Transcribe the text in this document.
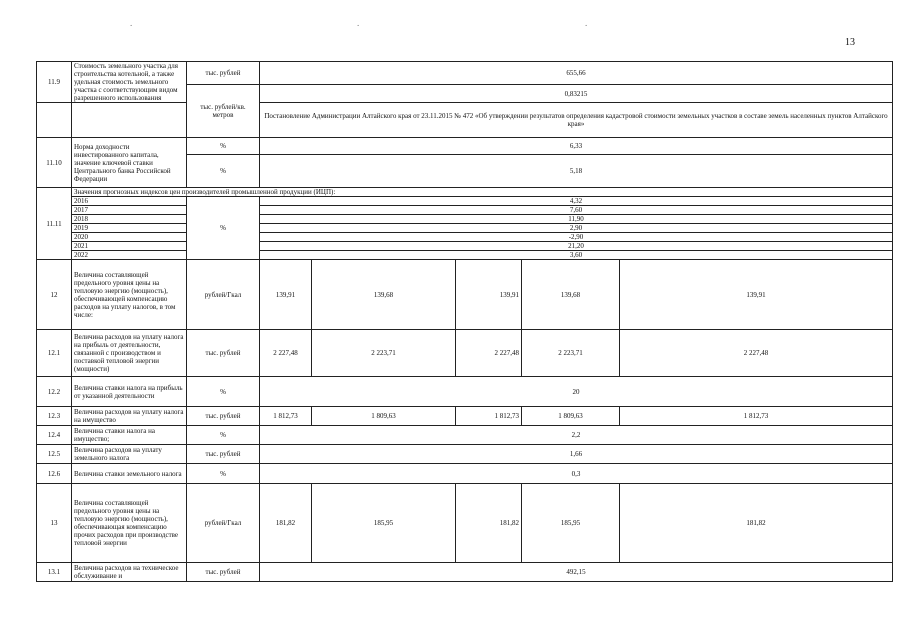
.	.	.
13
11.9	Стоимость земельного участка для строительства котельной, а также удельная стоимость земельного участка с соответствующим видом разрешенного использования	тыс. рублей	655,66				
		тыс. рублей/кв. метров	0,83215				
			Постановление Администрации Алтайского края от 23.11.2015 № 472 «Об утверждении результатов определения кадастровой стоимости земельных участков в составе земель населенных пунктов Алтайского края»				
11.10	Норма доходности инвестированного капитала, значение ключевой ставки Центрального банка Российской Федерации	%	6,33				
		%	5,18				
11.11	Значения прогнозных индексов цен производителей промышленной продукции (ИЦП):						
	2016	%	4,32				
	2017		7,60				
	2018		11,90				
	2019		2,90				
	2020		-2,90				
	2021		21,20				
	2022		3,60				
12	Величина составляющей предельного уровня цены на тепловую энергию (мощность), обеспечивающей компенсацию расходов на уплату налогов, в том числе:	рублей/Гкал	139,91	139,68	139,91	139,68	139,91
12.1	Величина расходов на уплату налога на прибыль от деятельности, связанной с производством и поставкой тепловой энергии (мощности)	тыс. рублей	2 227,48	2 223,71	2 227,48	2 223,71	2 227,48
12.2	Величина ставки налога на прибыль от указанной деятельности	%	20				
12.3	Величина расходов на уплату налога на имущество	тыс. рублей	1 812,73	1 809,63	1 812,73	1 809,63	1 812,73
12.4	Величина ставки налога на имущество;	%	2,2				
12.5	Величина расходов на уплату земельного налога	тыс. рублей	1,66				
12.6	Величина ставки земельного налога	%	0,3				
13	Величина составляющей предельного уровня цены на тепловую энергию (мощность), обеспечивающая компенсацию прочих расходов при производстве тепловой энергии	рублей/Гкал	181,82	185,95	181,82	185,95	181,82
13.1	Величина расходов на техническое обслуживание и	тыс. рублей	492,15				
